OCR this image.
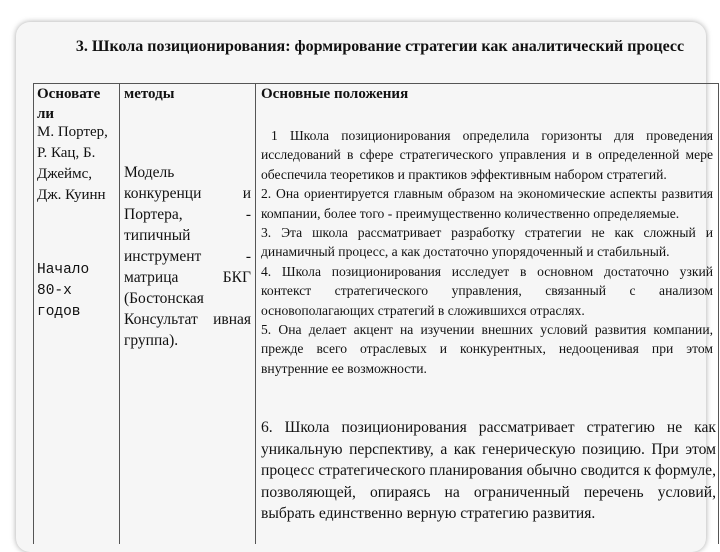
3. Школа позиционирования: формирование стратегии как аналитический процесс
Основате ли
М. Портер, Р. Кац, Б. Джеймс, Дж. Куинн
Начало 80-х годов
методы
Модель конкуренци и Портера, - типичный инструмент - матрица БКГ (Бостонская Консультат ивная группа).
Основные положения

1 Школа позиционирования определила горизонты для проведения исследований в сфере стратегического управления и в определенной мере обеспечила теоретиков и практиков эффективным набором стратегий.

2. Она ориентируется главным образом на экономические аспекты развития компании, более того - преимущественно количественно определяемые.

3. Эта школа рассматривает разработку стратегии не как сложный и динамичный процесс, а как достаточно упорядоченный и стабильный.

4. Школа позиционирования исследует в основном достаточно узкий контекст стратегического управления, связанный с анализом основополагающих стратегий в сложившихся отраслях.

5. Она делает акцент на изучении внешних условий развития компании, прежде всего отраслевых и конкурентных, недооценивая при этом внутренние ее возможности.

6. Школа позиционирования рассматривает стратегию не как уникальную перспективу, а как генерическую позицию. При этом процесс стратегического планирования обычно сводится к формуле, позволяющей, опираясь на ограниченный перечень условий, выбрать единственно верную стратегию развития.
